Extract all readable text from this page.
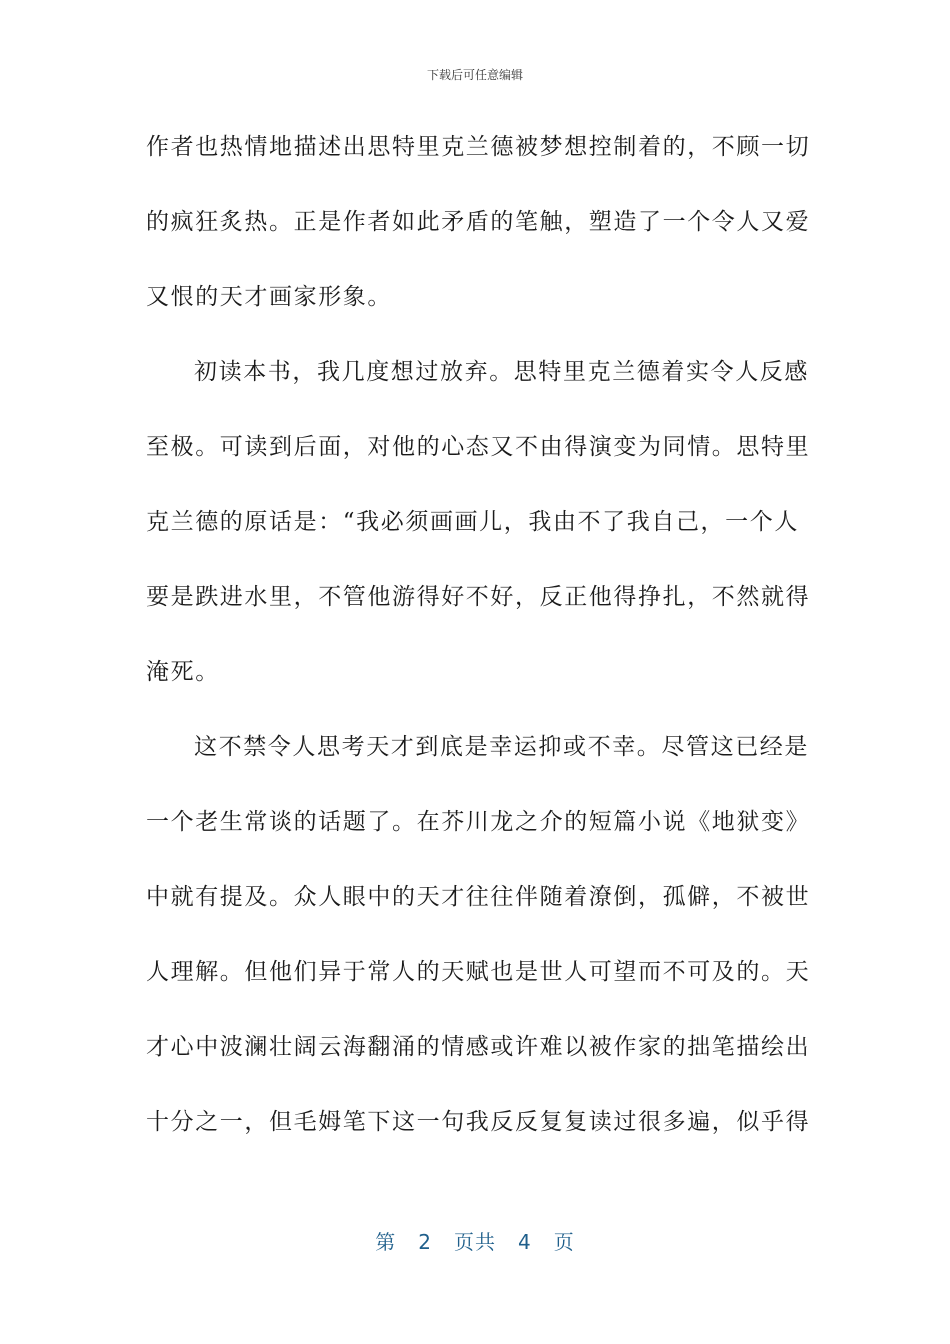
下载后可任意编辑
作者也热情地描述出思特里克兰德被梦想控制着的，不顾一切
的疯狂炙热。正是作者如此矛盾的笔触，塑造了一个令人又爱
又恨的天才画家形象。
初读本书，我几度想过放弃。思特里克兰德着实令人反感
至极。可读到后面，对他的心态又不由得演变为同情。思特里
克兰德的原话是：“我必须画画儿，我由不了我自己，一个人
要是跌进水里，不管他游得好不好，反正他得挣扎，不然就得
淹死。
这不禁令人思考天才到底是幸运抑或不幸。尽管这已经是
一个老生常谈的话题了。在芥川龙之介的短篇小说《地狱变》
中就有提及。众人眼中的天才往往伴随着潦倒，孤僻，不被世
人理解。但他们异于常人的天赋也是世人可望而不可及的。天
才心中波澜壮阔云海翻涌的情感或许难以被作家的拙笔描绘出
十分之一，但毛姆笔下这一句我反反复复读过很多遍，似乎得
第 2 页共 4 页
